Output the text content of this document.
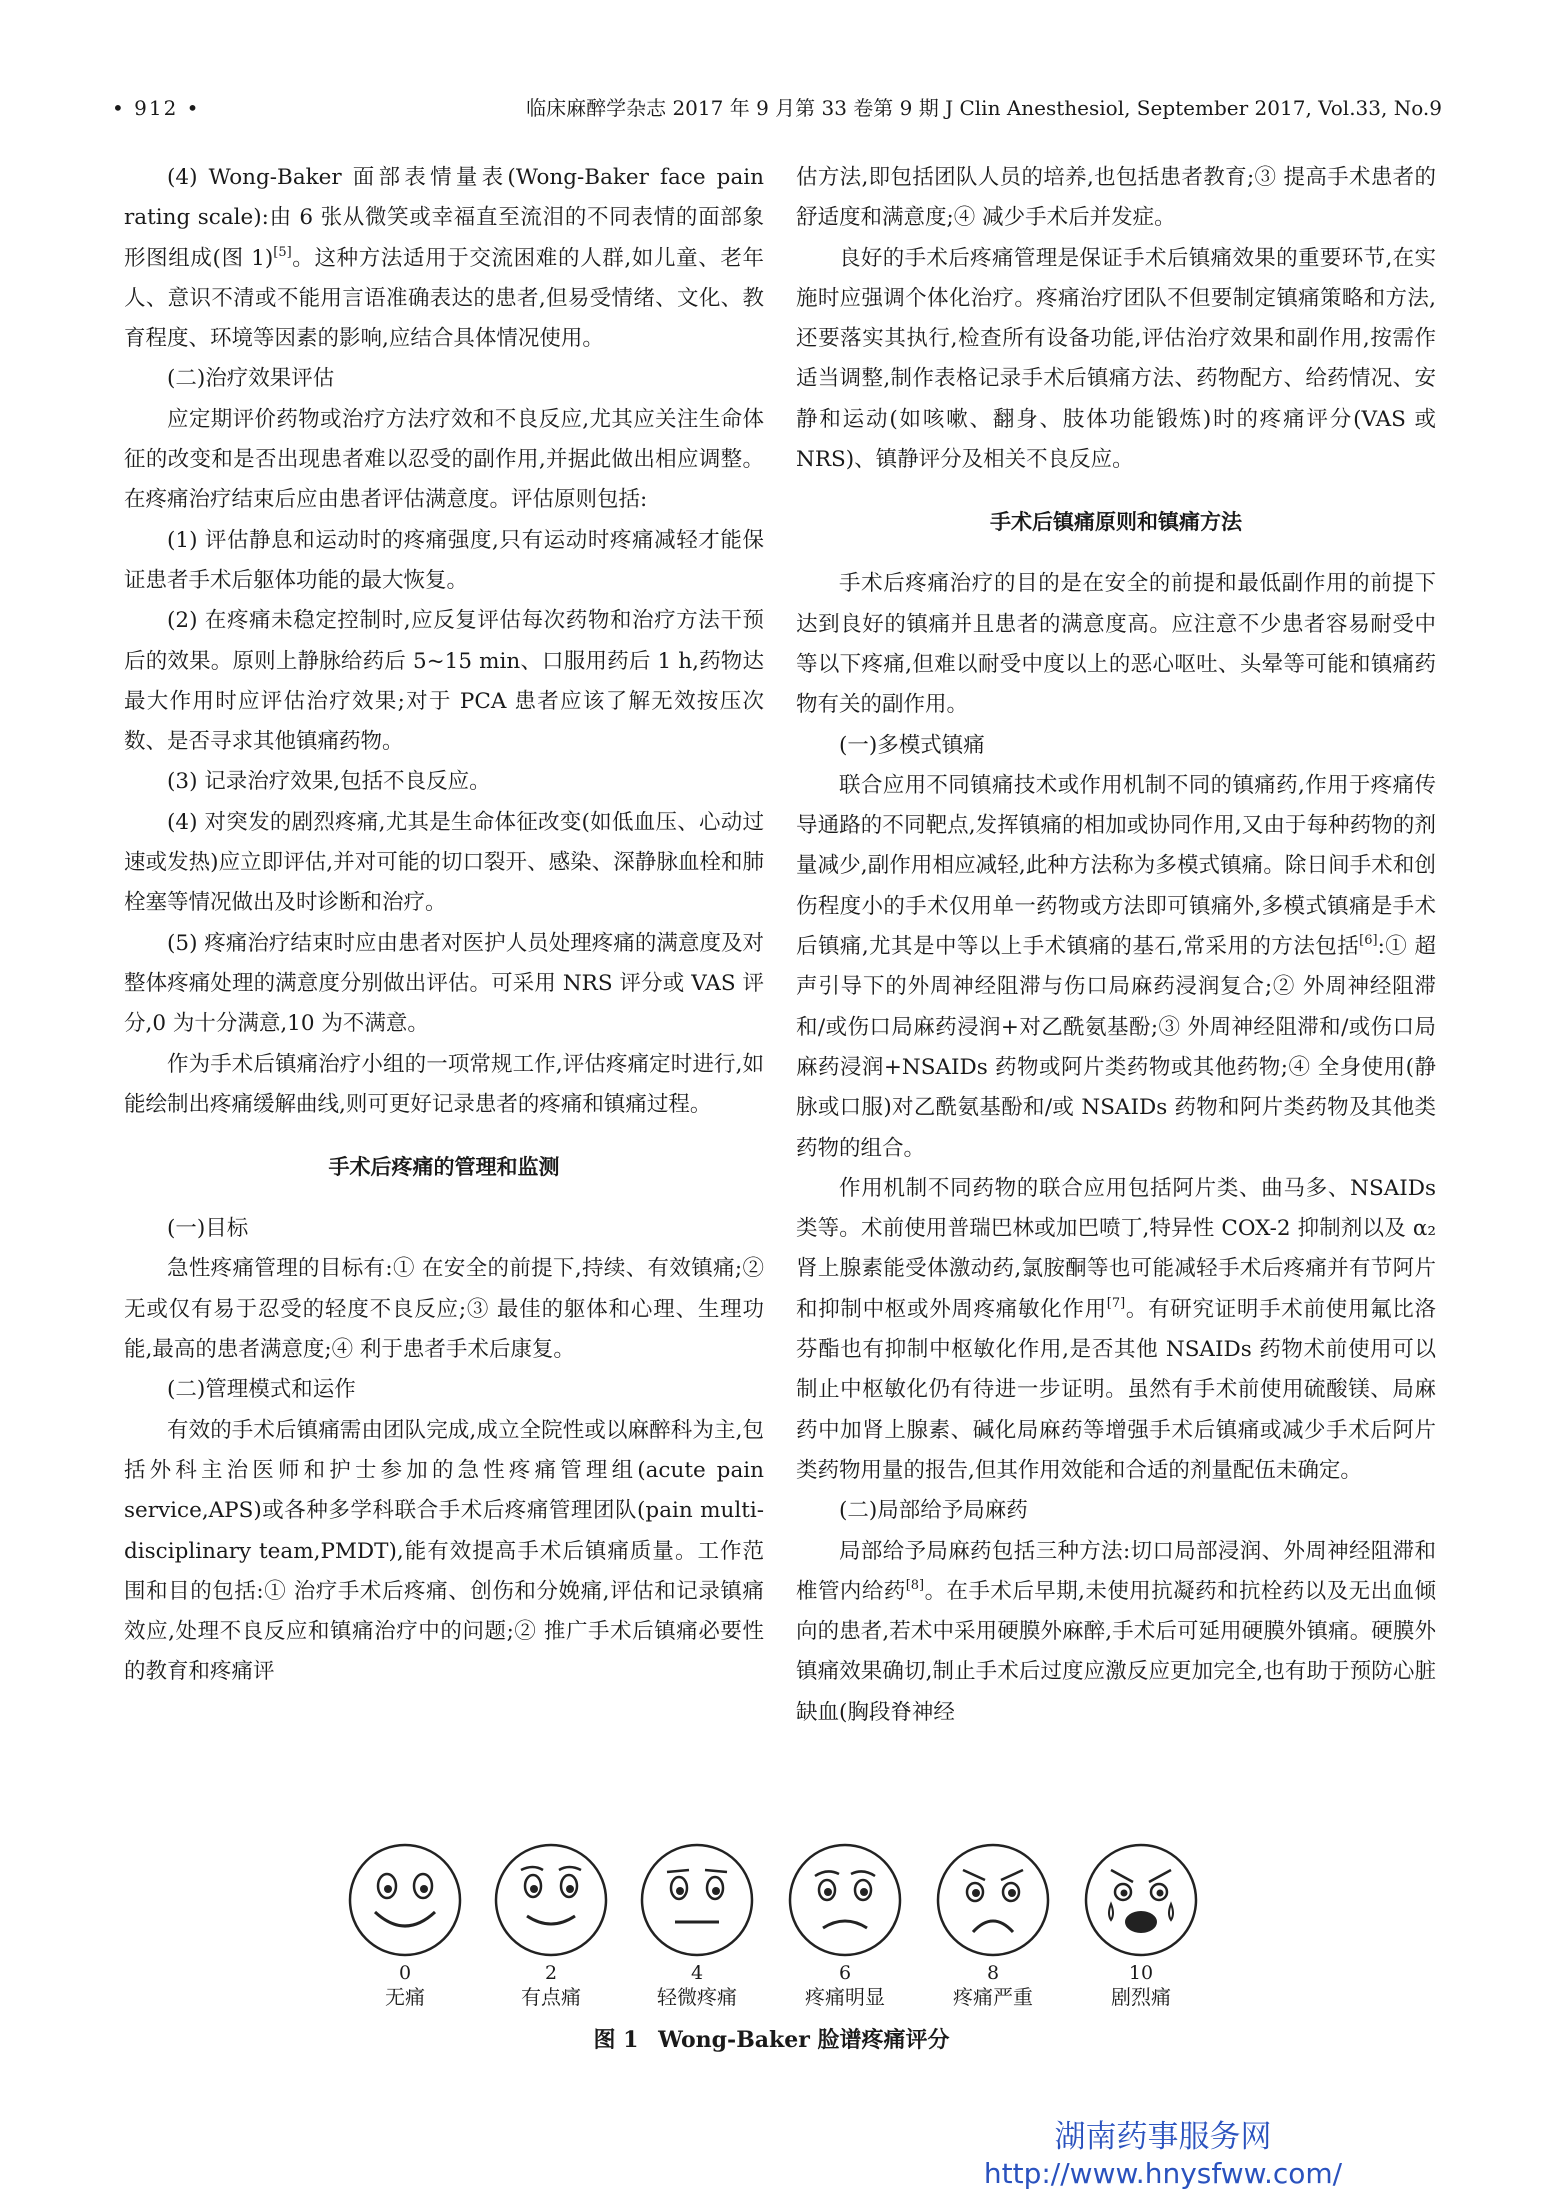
• 912 •	临床麻醉学杂志 2017 年 9 月第 33 卷第 9 期 J Clin Anesthesiol, September 2017, Vol.33, No.9

(4) Wong-Baker 面部表情量表(Wong-Baker face pain rating scale):由 6 张从微笑或幸福直至流泪的不同表情的面部象形图组成(图 1)[5]。这种方法适用于交流困难的人群,如儿童、老年人、意识不清或不能用言语准确表达的患者,但易受情绪、文化、教育程度、环境等因素的影响,应结合具体情况使用。

(二)治疗效果评估

应定期评价药物或治疗方法疗效和不良反应,尤其应关注生命体征的改变和是否出现患者难以忍受的副作用,并据此做出相应调整。在疼痛治疗结束后应由患者评估满意度。评估原则包括:

(1) 评估静息和运动时的疼痛强度,只有运动时疼痛减轻才能保证患者手术后躯体功能的最大恢复。

(2) 在疼痛未稳定控制时,应反复评估每次药物和治疗方法干预后的效果。原则上静脉给药后 5~15 min、口服用药后 1 h,药物达最大作用时应评估治疗效果;对于 PCA 患者应该了解无效按压次数、是否寻求其他镇痛药物。

(3) 记录治疗效果,包括不良反应。

(4) 对突发的剧烈疼痛,尤其是生命体征改变(如低血压、心动过速或发热)应立即评估,并对可能的切口裂开、感染、深静脉血栓和肺栓塞等情况做出及时诊断和治疗。

(5) 疼痛治疗结束时应由患者对医护人员处理疼痛的满意度及对整体疼痛处理的满意度分别做出评估。可采用 NRS 评分或 VAS 评分,0 为十分满意,10 为不满意。

作为手术后镇痛治疗小组的一项常规工作,评估疼痛定时进行,如能绘制出疼痛缓解曲线,则可更好记录患者的疼痛和镇痛过程。

手术后疼痛的管理和监测

(一)目标

急性疼痛管理的目标有:① 在安全的前提下,持续、有效镇痛;② 无或仅有易于忍受的轻度不良反应;③ 最佳的躯体和心理、生理功能,最高的患者满意度;④ 利于患者手术后康复。

(二)管理模式和运作

有效的手术后镇痛需由团队完成,成立全院性或以麻醉科为主,包括外科主治医师和护士参加的急性疼痛管理组(acute pain service,APS)或各种多学科联合手术后疼痛管理团队(pain multi-disciplinary team,PMDT),能有效提高手术后镇痛质量。工作范围和目的包括:① 治疗手术后疼痛、创伤和分娩痛,评估和记录镇痛效应,处理不良反应和镇痛治疗中的问题;② 推广手术后镇痛必要性的教育和疼痛评

估方法,即包括团队人员的培养,也包括患者教育;③ 提高手术患者的舒适度和满意度;④ 减少手术后并发症。

良好的手术后疼痛管理是保证手术后镇痛效果的重要环节,在实施时应强调个体化治疗。疼痛治疗团队不但要制定镇痛策略和方法,还要落实其执行,检查所有设备功能,评估治疗效果和副作用,按需作适当调整,制作表格记录手术后镇痛方法、药物配方、给药情况、安静和运动(如咳嗽、翻身、肢体功能锻炼)时的疼痛评分(VAS 或 NRS)、镇静评分及相关不良反应。

手术后镇痛原则和镇痛方法

手术后疼痛治疗的目的是在安全的前提和最低副作用的前提下达到良好的镇痛并且患者的满意度高。应注意不少患者容易耐受中等以下疼痛,但难以耐受中度以上的恶心呕吐、头晕等可能和镇痛药物有关的副作用。

(一)多模式镇痛

联合应用不同镇痛技术或作用机制不同的镇痛药,作用于疼痛传导通路的不同靶点,发挥镇痛的相加或协同作用,又由于每种药物的剂量减少,副作用相应减轻,此种方法称为多模式镇痛。除日间手术和创伤程度小的手术仅用单一药物或方法即可镇痛外,多模式镇痛是手术后镇痛,尤其是中等以上手术镇痛的基石,常采用的方法包括[6]:① 超声引导下的外周神经阻滞与伤口局麻药浸润复合;② 外周神经阻滞和/或伤口局麻药浸润+对乙酰氨基酚;③ 外周神经阻滞和/或伤口局麻药浸润+NSAIDs 药物或阿片类药物或其他药物;④ 全身使用(静脉或口服)对乙酰氨基酚和/或 NSAIDs 药物和阿片类药物及其他类药物的组合。

作用机制不同药物的联合应用包括阿片类、曲马多、NSAIDs 类等。术前使用普瑞巴林或加巴喷丁,特异性 COX-2 抑制剂以及 α₂ 肾上腺素能受体激动药,氯胺酮等也可能减轻手术后疼痛并有节阿片和抑制中枢或外周疼痛敏化作用[7]。有研究证明手术前使用氟比洛芬酯也有抑制中枢敏化作用,是否其他 NSAIDs 药物术前使用可以制止中枢敏化仍有待进一步证明。虽然有手术前使用硫酸镁、局麻药中加肾上腺素、碱化局麻药等增强手术后镇痛或减少手术后阿片类药物用量的报告,但其作用效能和合适的剂量配伍未确定。

(二)局部给予局麻药

局部给予局麻药包括三种方法:切口局部浸润、外周神经阻滞和椎管内给药[8]。在手术后早期,未使用抗凝药和抗栓药以及无出血倾向的患者,若术中采用硬膜外麻醉,手术后可延用硬膜外镇痛。硬膜外镇痛效果确切,制止手术后过度应激反应更加完全,也有助于预防心脏缺血(胸段脊神经

0
无痛
2
有点痛
4
轻微疼痛
6
疼痛明显
8
疼痛严重
10
剧烈痛
图 1 Wong-Baker 脸谱疼痛评分
湖南药事服务网
http://www.hnysfww.com/
